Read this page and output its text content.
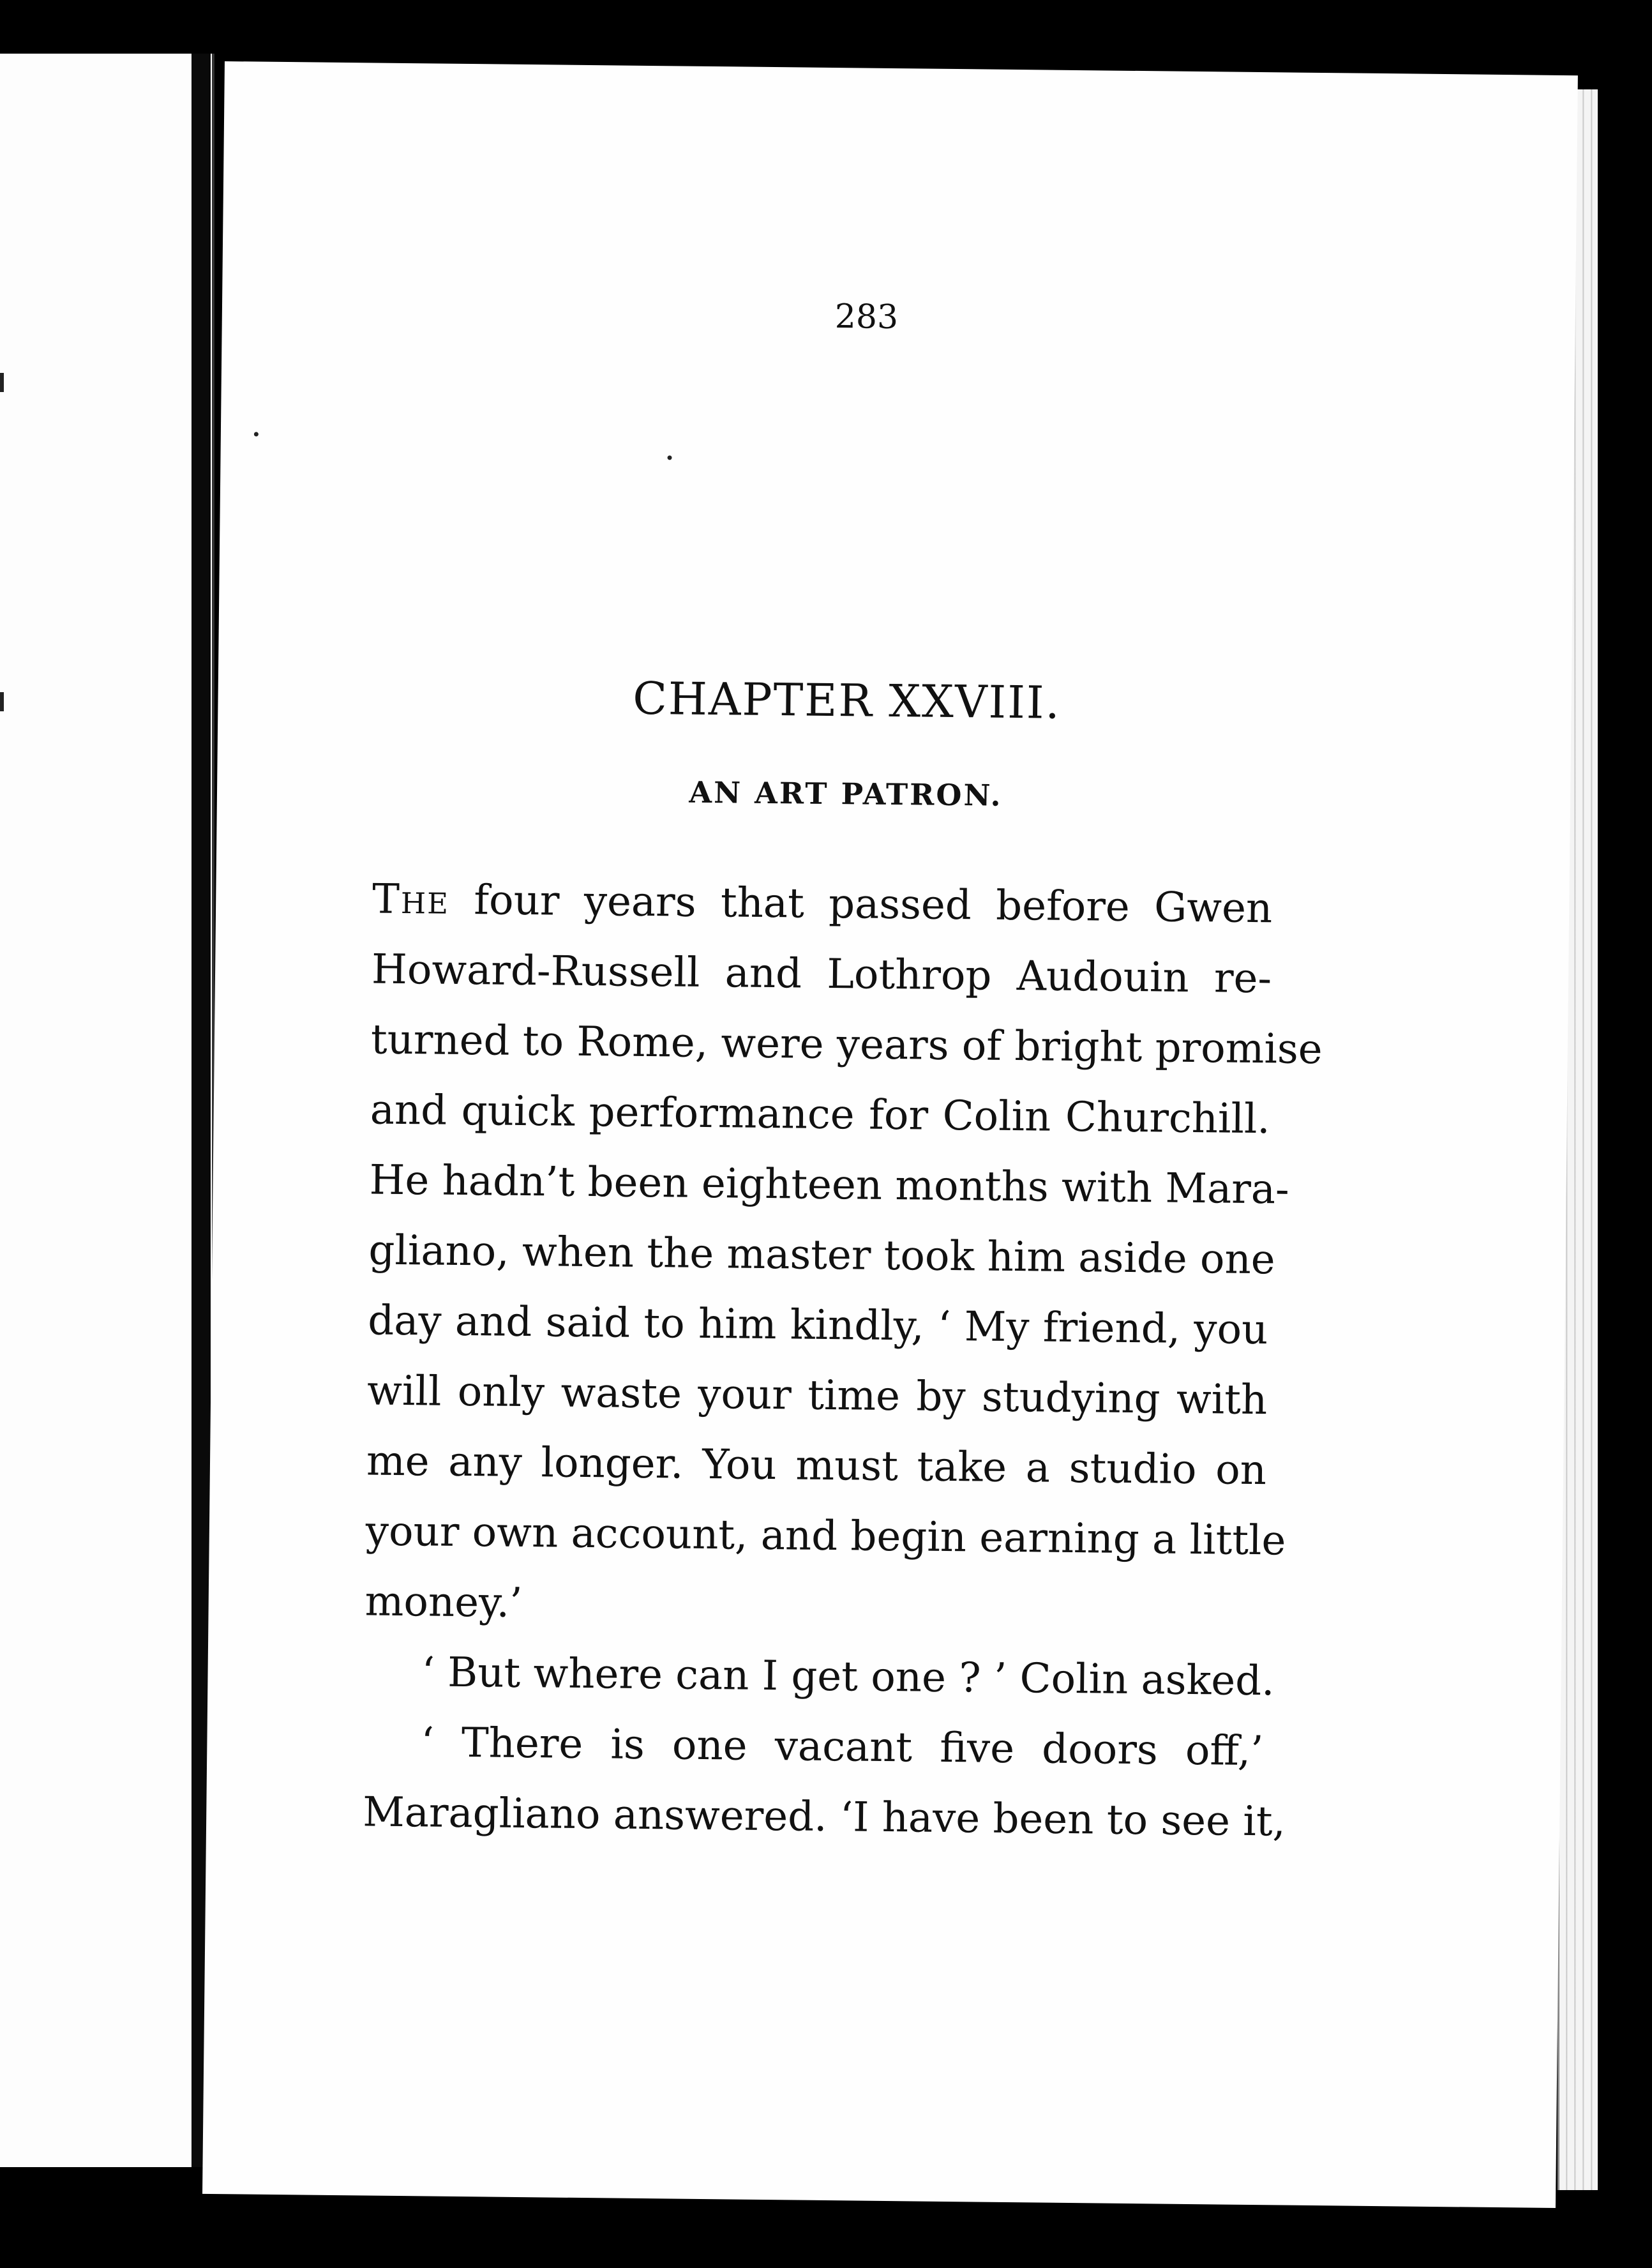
283
CHAPTER XXVIII.
AN ART PATRON.

The four years that passed before Gwen
Howard-Russell and Lothrop Audouin re-
turned to Rome, were years of bright promise
and quick performance for Colin Churchill.
He hadn’t been eighteen months with Mara-
gliano, when the master took him aside one
day and said to him kindly, ‘ My friend, you
will only waste your time by studying with
me any longer. You must take a studio on
your own account, and begin earning a little
money.’

‘ But where can I get one ? ’ Colin asked.

‘ There is one vacant five doors off,’
Maragliano answered. ‘I have been to see it,
